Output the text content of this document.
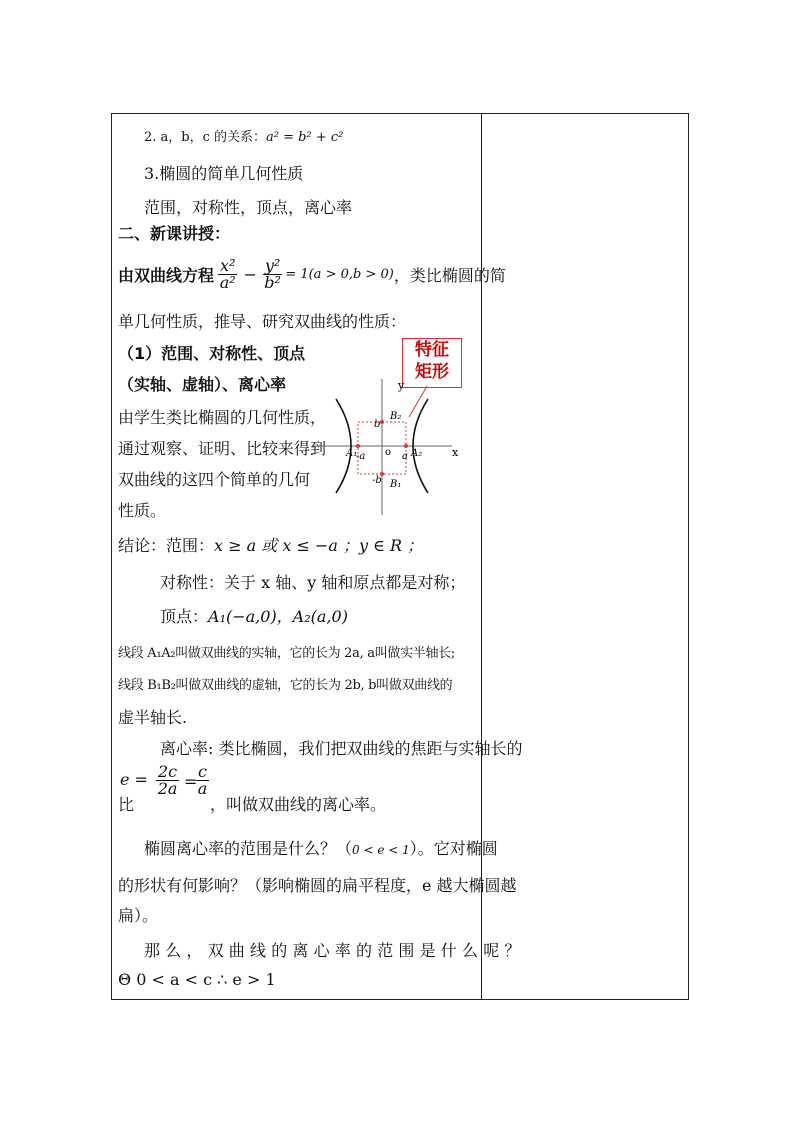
2. a，b，c 的关系：a² = b² + c²
3.椭圆的简单几何性质
范围，对称性，顶点，离心率
二、新课讲授：
由双曲线方程 $\frac{\text{x²}}{\text{a²}} - \frac{\text{y²}}{\text{b²}} = 1(a > 0,b > 0)$ ，类比椭圆的简
单几何性质，推导、研究双曲线的性质：
（1）范围、对称性、顶点
（实轴、虚轴）、离心率
由学生类比椭圆的几何性质，
通过观察、证明、比较来得到
双曲线的这四个简单的几何
性质。
结论：范围：x ≥ a 或 x ≤ −a ；y ∈ R ；
对称性：关于 x 轴、y 轴和原点都是对称；
顶点：A₁(−a,0)，A₂(a,0)
线段 A₁A₂叫做双曲线的实轴，它的长为 2a, a叫做实半轴长;
线段 B₁B₂叫做双曲线的虚轴，它的长为 2b, b叫做双曲线的
虚半轴长.
离心率: 类比椭圆，我们把双曲线的焦距与实轴长的
比
$e = \frac{2c}{2a}$ =
$\frac{c}{a}$
，叫做双曲线的离心率。
椭圆离心率的范围是什么？（0 < e < 1）。它对椭圆
的形状有何影响？（影响椭圆的扁平程度，e 越大椭圆越
扁）。
那么，双曲线的离心率的范围是什么呢？
Θ 0 < a < c ∴ e > 1
特征
矩形
y
x
o
b
-b
-a	a
A₁	A₂
B₂
B₁
